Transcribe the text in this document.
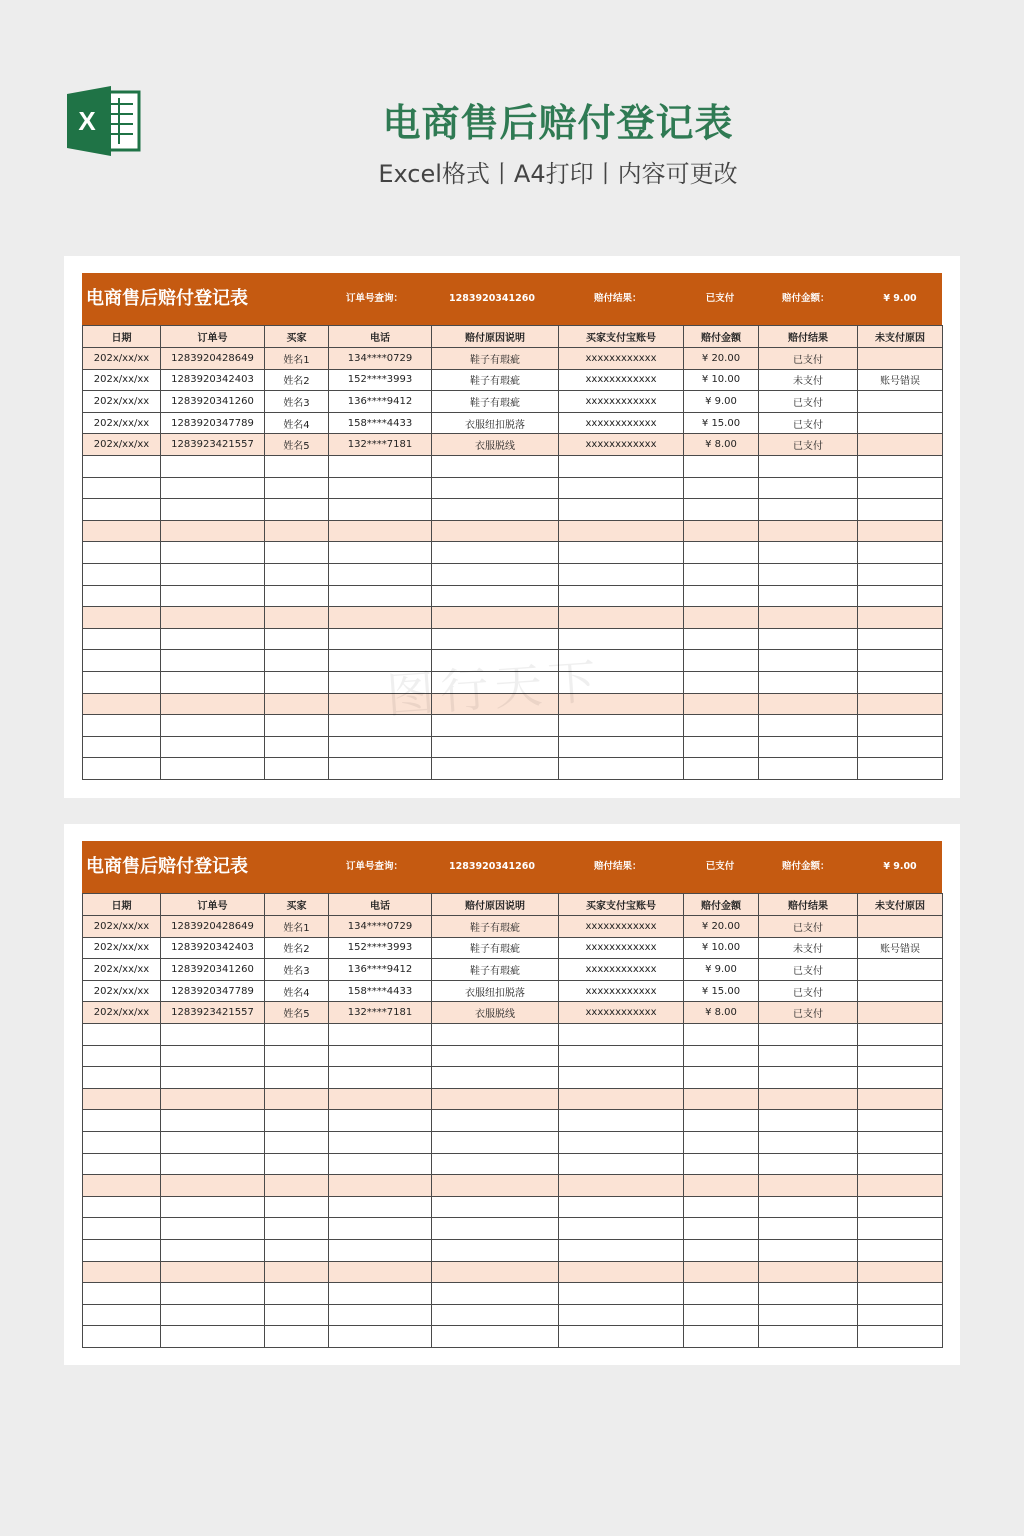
X	电商售后赔付登记表
Excel格式丨A4打印丨内容可更改
电商售后赔付登记表	订单号查询：	1283920341260	赔付结果：	已支付	赔付金额：	¥ 9.00
日期	订单号	买家	电话	赔付原因说明	买家支付宝账号	赔付金额	赔付结果	未支付原因
202x/xx/xx	1283920428649	姓名1	134****0729	鞋子有瑕疵	xxxxxxxxxxxx	¥ 20.00	已支付	
202x/xx/xx	1283920342403	姓名2	152****3993	鞋子有瑕疵	xxxxxxxxxxxx	¥ 10.00	未支付	账号错误
202x/xx/xx	1283920341260	姓名3	136****9412	鞋子有瑕疵	xxxxxxxxxxxx	¥ 9.00	已支付	
202x/xx/xx	1283920347789	姓名4	158****4433	衣服纽扣脱落	xxxxxxxxxxxx	¥ 15.00	已支付	
202x/xx/xx	1283923421557	姓名5	132****7181	衣服脱线	xxxxxxxxxxxx	¥ 8.00	已支付	

电商售后赔付登记表	订单号查询：	1283920341260	赔付结果：	已支付	赔付金额：	¥ 9.00
日期	订单号	买家	电话	赔付原因说明	买家支付宝账号	赔付金额	赔付结果	未支付原因
202x/xx/xx	1283920428649	姓名1	134****0729	鞋子有瑕疵	xxxxxxxxxxxx	¥ 20.00	已支付	
202x/xx/xx	1283920342403	姓名2	152****3993	鞋子有瑕疵	xxxxxxxxxxxx	¥ 10.00	未支付	账号错误
202x/xx/xx	1283920341260	姓名3	136****9412	鞋子有瑕疵	xxxxxxxxxxxx	¥ 9.00	已支付	
202x/xx/xx	1283920347789	姓名4	158****4433	衣服纽扣脱落	xxxxxxxxxxxx	¥ 15.00	已支付	
202x/xx/xx	1283923421557	姓名5	132****7181	衣服脱线	xxxxxxxxxxxx	¥ 8.00	已支付	
